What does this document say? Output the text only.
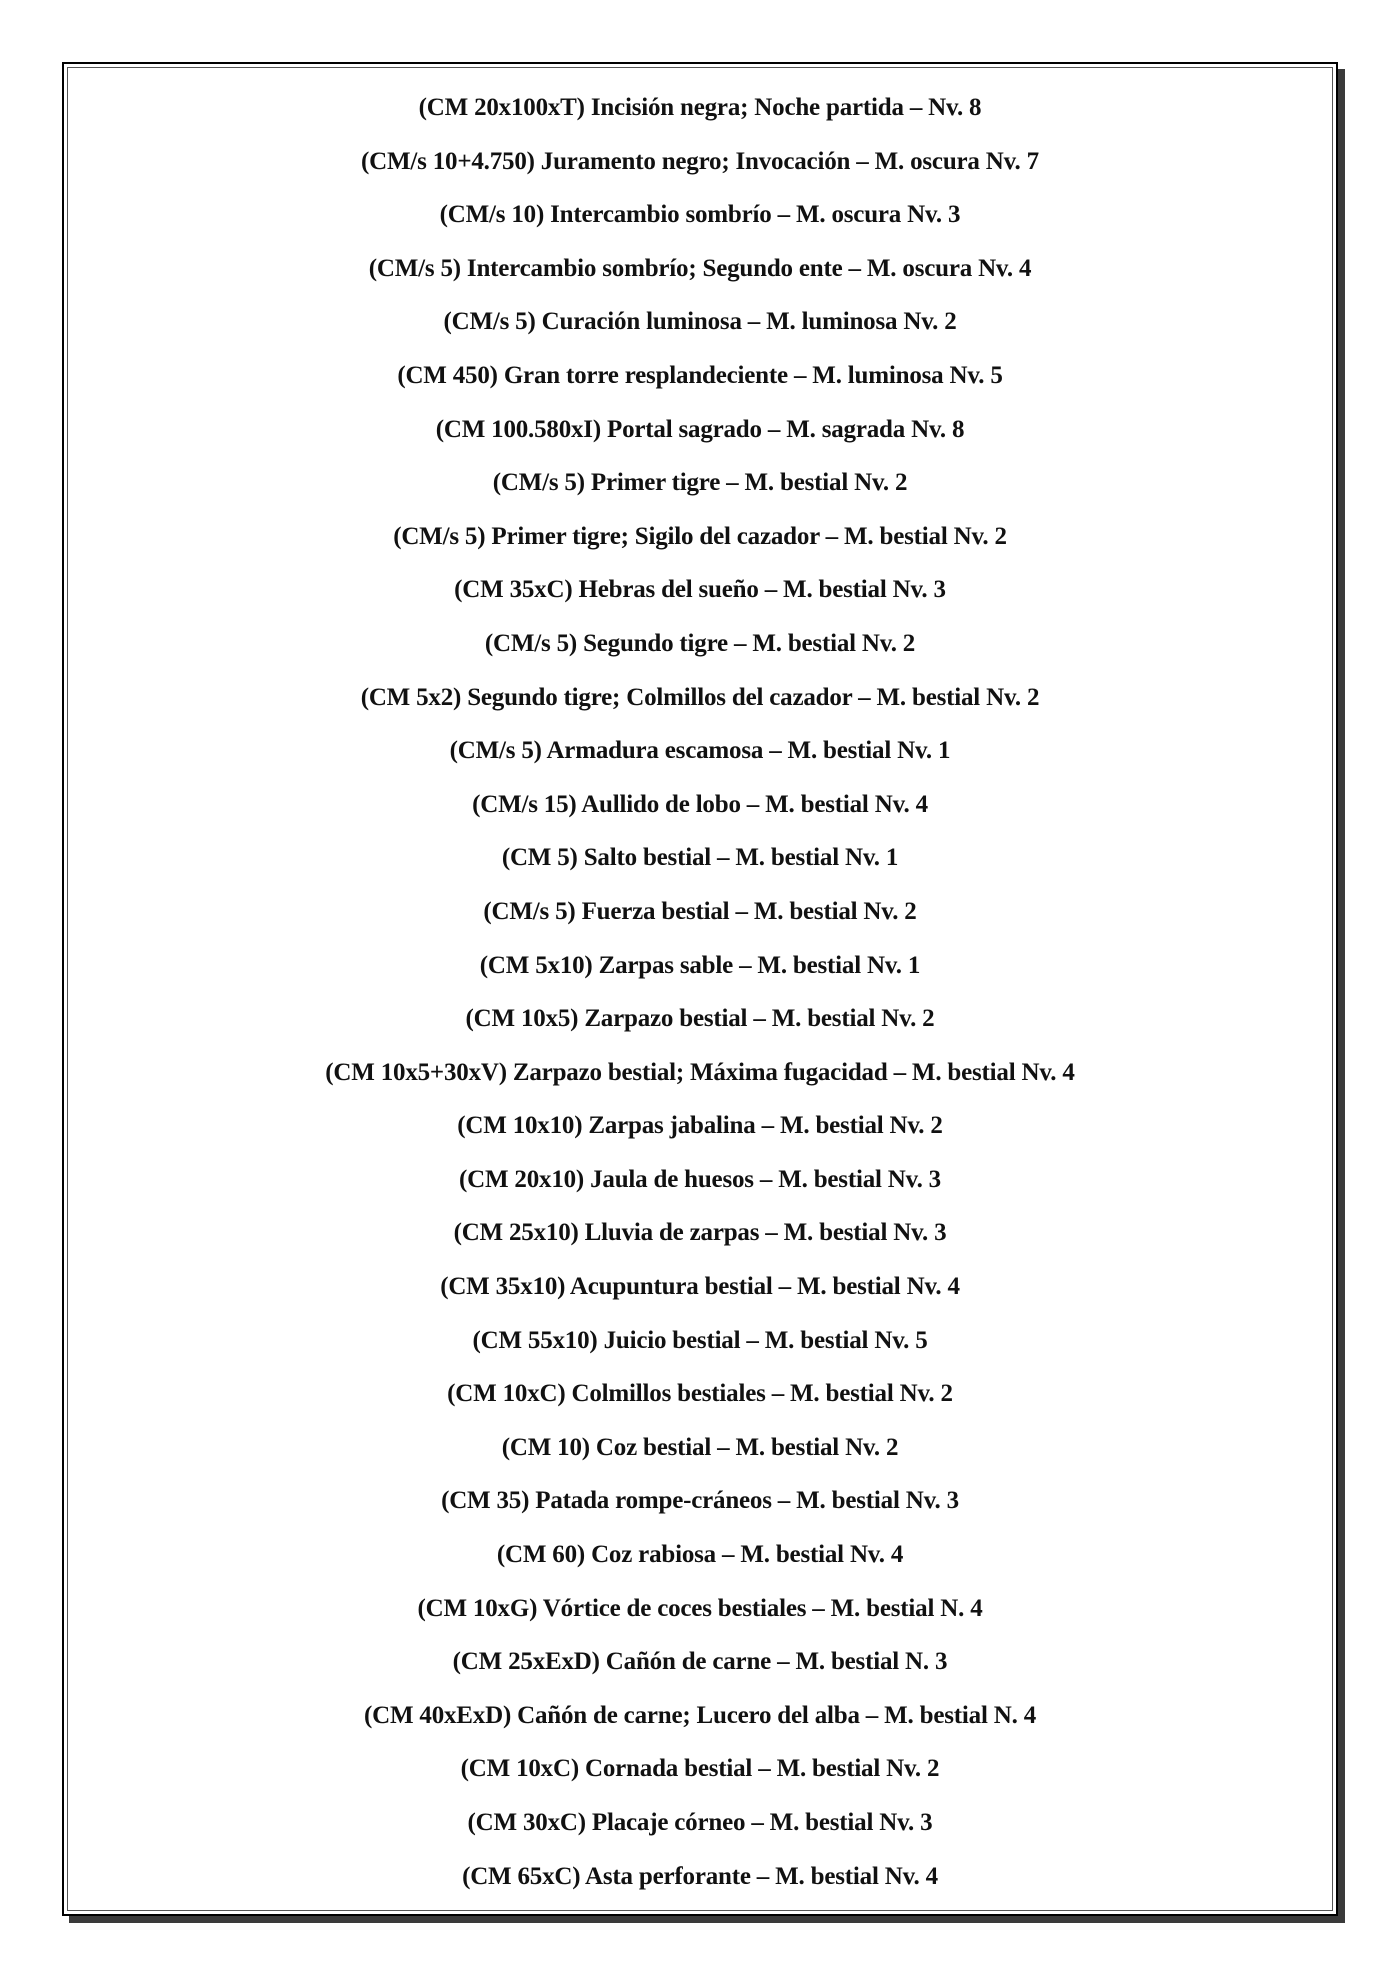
(CM 20x100xT) Incisión negra; Noche partida – Nv. 8
(CM/s 10+4.750) Juramento negro; Invocación – M. oscura Nv. 7
(CM/s 10) Intercambio sombrío – M. oscura Nv. 3
(CM/s 5) Intercambio sombrío; Segundo ente – M. oscura Nv. 4
(CM/s 5) Curación luminosa – M. luminosa Nv. 2
(CM 450) Gran torre resplandeciente – M. luminosa Nv. 5
(CM 100.580xI) Portal sagrado – M. sagrada Nv. 8
(CM/s 5) Primer tigre – M. bestial Nv. 2
(CM/s 5) Primer tigre; Sigilo del cazador – M. bestial Nv. 2
(CM 35xC) Hebras del sueño – M. bestial Nv. 3
(CM/s 5) Segundo tigre – M. bestial Nv. 2
(CM 5x2) Segundo tigre; Colmillos del cazador – M. bestial Nv. 2
(CM/s 5) Armadura escamosa – M. bestial Nv. 1
(CM/s 15) Aullido de lobo – M. bestial Nv. 4
(CM 5) Salto bestial – M. bestial Nv. 1
(CM/s 5) Fuerza bestial – M. bestial Nv. 2
(CM 5x10) Zarpas sable – M. bestial Nv. 1
(CM 10x5) Zarpazo bestial – M. bestial Nv. 2
(CM 10x5+30xV) Zarpazo bestial; Máxima fugacidad – M. bestial Nv. 4
(CM 10x10) Zarpas jabalina – M. bestial Nv. 2
(CM 20x10) Jaula de huesos – M. bestial Nv. 3
(CM 25x10) Lluvia de zarpas – M. bestial Nv. 3
(CM 35x10) Acupuntura bestial – M. bestial Nv. 4
(CM 55x10) Juicio bestial – M. bestial Nv. 5
(CM 10xC) Colmillos bestiales – M. bestial Nv. 2
(CM 10) Coz bestial – M. bestial Nv. 2
(CM 35) Patada rompe-cráneos – M. bestial Nv. 3
(CM 60) Coz rabiosa – M. bestial Nv. 4
(CM 10xG) Vórtice de coces bestiales – M. bestial N. 4
(CM 25xExD) Cañón de carne – M. bestial N. 3
(CM 40xExD) Cañón de carne; Lucero del alba – M. bestial N. 4
(CM 10xC) Cornada bestial – M. bestial Nv. 2
(CM 30xC) Placaje córneo – M. bestial Nv. 3
(CM 65xC) Asta perforante – M. bestial Nv. 4
